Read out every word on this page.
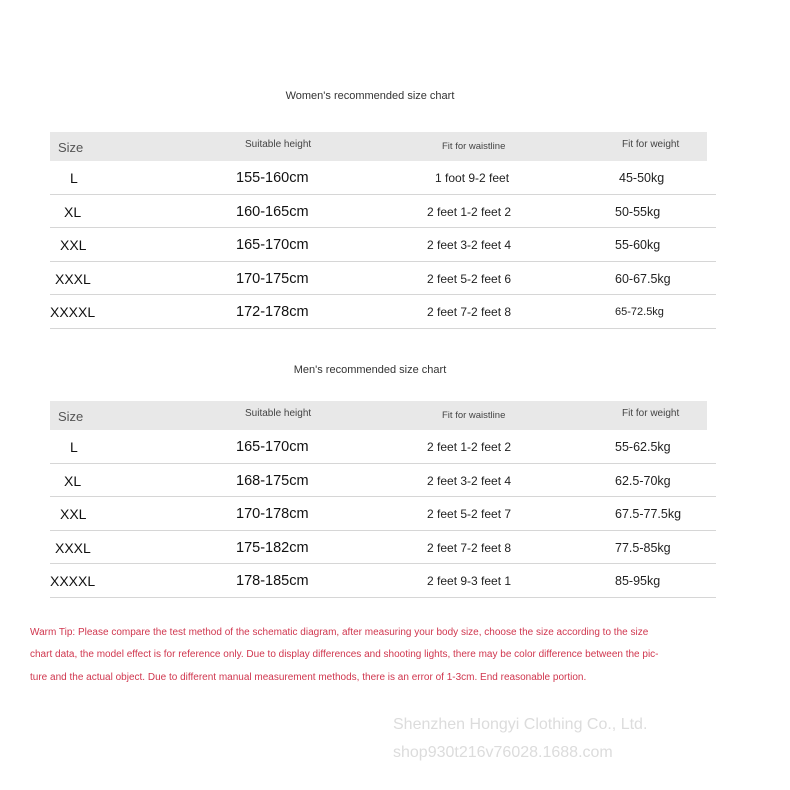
Women's recommended size chart
Size	Suitable height	Fit for waistline	Fit for weight
L	155-160cm	1 foot 9-2 feet	45-50kg
XL	160-165cm	2 feet 1-2 feet 2	50-55kg
XXL	165-170cm	2 feet 3-2 feet 4	55-60kg
XXXL	170-175cm	2 feet 5-2 feet 6	60-67.5kg
XXXXL	172-178cm	2 feet 7-2 feet 8	65-72.5kg
Men's recommended size chart
Size	Suitable height	Fit for waistline	Fit for weight
L	165-170cm	2 feet 1-2 feet 2	55-62.5kg
XL	168-175cm	2 feet 3-2 feet 4	62.5-70kg
XXL	170-178cm	2 feet 5-2 feet 7	67.5-77.5kg
XXXL	175-182cm	2 feet 7-2 feet 8	77.5-85kg
XXXXL	178-185cm	2 feet 9-3 feet 1	85-95kg
Warm Tip: Please compare the test method of the schematic diagram, after measuring your body size, choose the size according to the size
chart data, the model effect is for reference only. Due to display differences and shooting lights, there may be color difference between the pic-
ture and the actual object. Due to different manual measurement methods, there is an error of 1-3cm. End reasonable portion.
Shenzhen Hongyi Clothing Co., Ltd.
shop930t216v76028.1688.com
